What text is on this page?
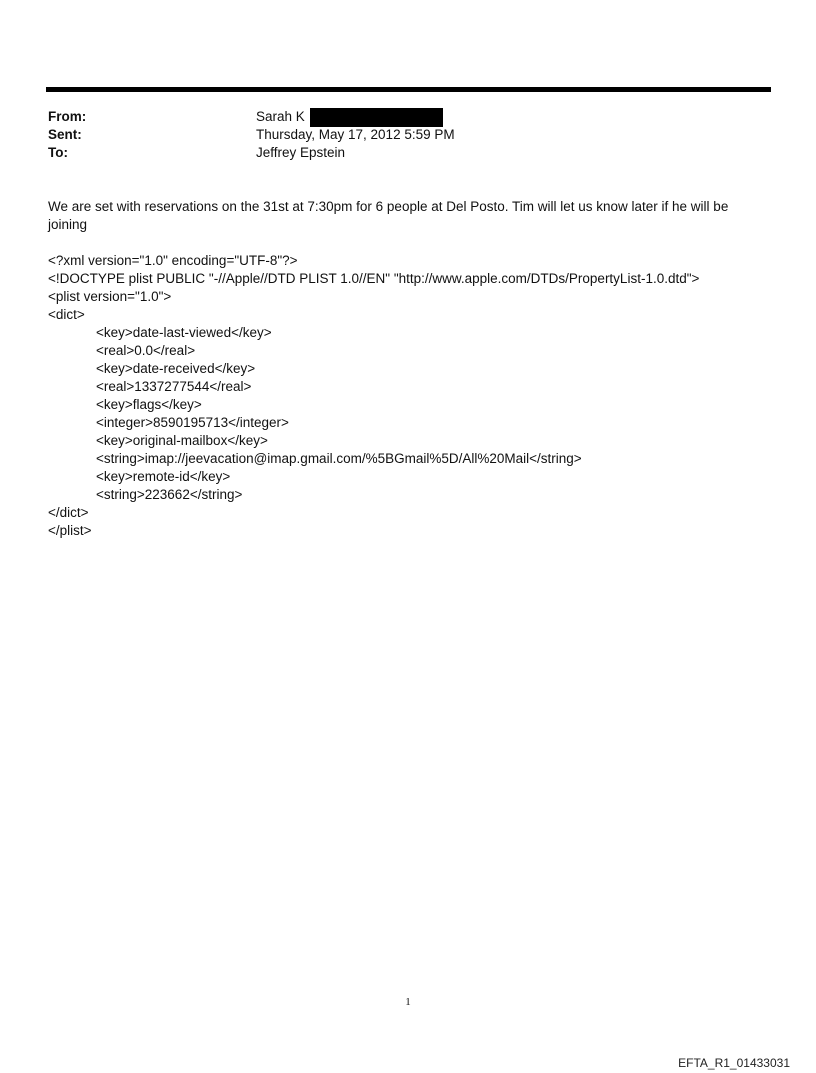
From:	Sarah K
Sent:	Thursday, May 17, 2012 5:59 PM
To:	Jeffrey Epstein
We are set with reservations on the 31st at 7:30pm for 6 people at Del Posto. Tim will let us know later if he will be joining
<?xml version="1.0" encoding="UTF-8"?>
<!DOCTYPE plist PUBLIC "-//Apple//DTD PLIST 1.0//EN" "http://www.apple.com/DTDs/PropertyList-1.0.dtd">
<plist version="1.0">
<dict>
<key>date-last-viewed</key>
<real>0.0</real>
<key>date-received</key>
<real>1337277544</real>
<key>flags</key>
<integer>8590195713</integer>
<key>original-mailbox</key>
<string>imap://jeevacation@imap.gmail.com/%5BGmail%5D/All%20Mail</string>
<key>remote-id</key>
<string>223662</string>
</dict>
</plist>
1
EFTA_R1_01433031
